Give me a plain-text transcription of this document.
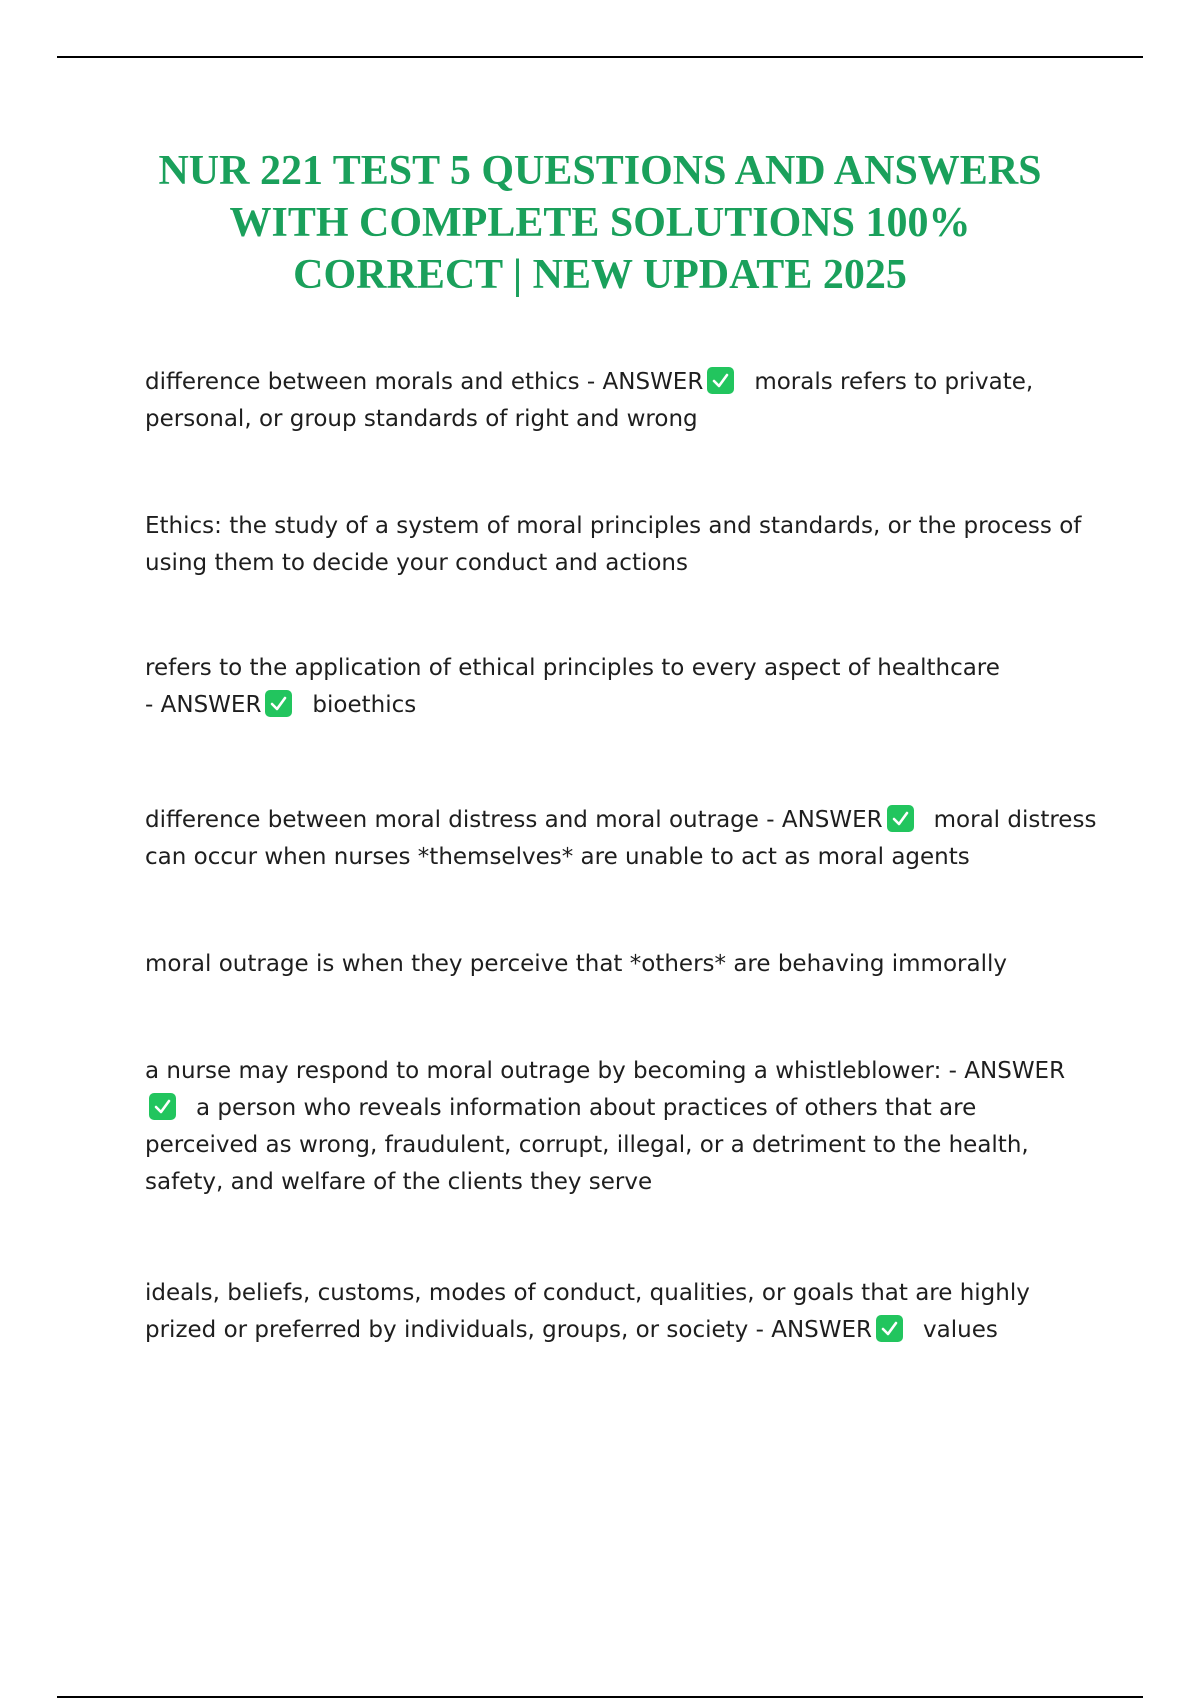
NUR 221 TEST 5 QUESTIONS AND ANSWERS
WITH COMPLETE SOLUTIONS 100%
CORRECT | NEW UPDATE 2025

difference between morals and ethics - ANSWER morals refers to private, personal, or group standards of right and wrong

Ethics: the study of a system of moral principles and standards, or the process of using them to decide your conduct and actions

refers to the application of ethical principles to every aspect of healthcare - ANSWER bioethics

difference between moral distress and moral outrage - ANSWER moral distress can occur when nurses *themselves* are unable to act as moral agents

moral outrage is when they perceive that *others* are behaving immorally

a nurse may respond to moral outrage by becoming a whistleblower: - ANSWER
a person who reveals information about practices of others that are perceived as wrong, fraudulent, corrupt, illegal, or a detriment to the health, safety, and welfare of the clients they serve

ideals, beliefs, customs, modes of conduct, qualities, or goals that are highly prized or preferred by individuals, groups, or society - ANSWER values
